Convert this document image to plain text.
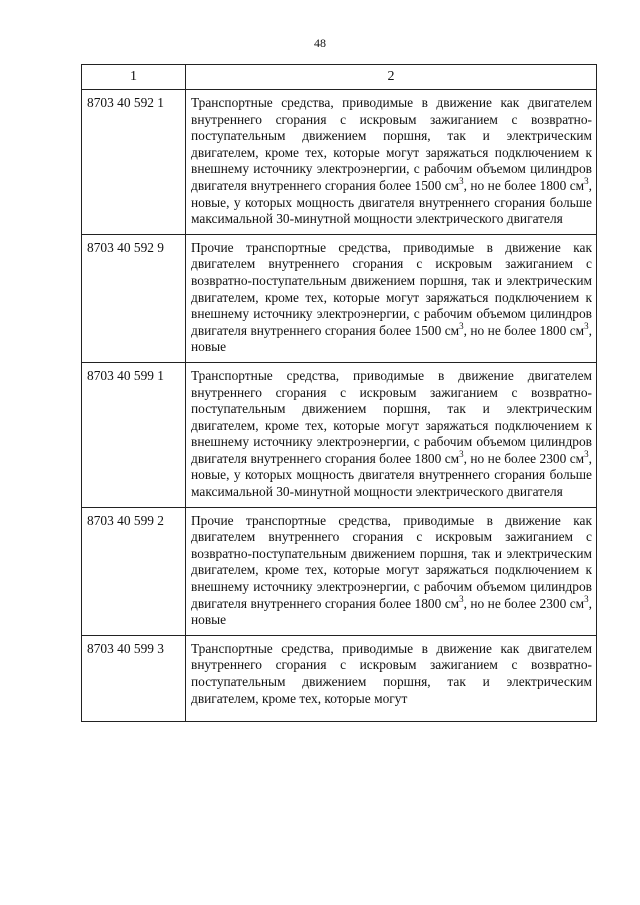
48
1	2
8703 40 592 1	Транспортные средства, приводимые в движение как двигателем внутреннего сгорания с искровым зажиганием с возвратно-поступательным движением поршня, так и электрическим двигателем, кроме тех, которые могут заряжаться подключением к внешнему источнику электроэнергии, с рабочим объемом цилиндров двигателя внутреннего сгорания более 1500 $см^3$, но не более 1800 $см^3$, новые, у которых мощность двигателя внутреннего сгорания больше максимальной 30-минутной мощности электрического двигателя
8703 40 592 9	Прочие транспортные средства, приводимые в движение как двигателем внутреннего сгорания с искровым зажиганием с возвратно-поступательным движением поршня, так и электрическим двигателем, кроме тех, которые могут заряжаться подключением к внешнему источнику электроэнергии, с рабочим объемом цилиндров двигателя внутреннего сгорания более 1500 $см^3$, но не более 1800 $см^3$, новые
8703 40 599 1	Транспортные средства, приводимые в движение двигателем внутреннего сгорания с искровым зажиганием с возвратно-поступательным движением поршня, так и электрическим двигателем, кроме тех, которые могут заряжаться подключением к внешнему источнику электроэнергии, с рабочим объемом цилиндров двигателя внутреннего сгорания более 1800 $см^3$, но не более 2300 $см^3$, новые, у которых мощность двигателя внутреннего сгорания больше максимальной 30-минутной мощности электрического двигателя
8703 40 599 2	Прочие транспортные средства, приводимые в движение как двигателем внутреннего сгорания с искровым зажиганием с возвратно-поступательным движением поршня, так и электрическим двигателем, кроме тех, которые могут заряжаться подключением к внешнему источнику электроэнергии, с рабочим объемом цилиндров двигателя внутреннего сгорания более 1800 $см^3$, но не более 2300 $см^3$, новые
8703 40 599 3	Транспортные средства, приводимые в движение как двигателем внутреннего сгорания с искровым зажиганием с возвратно-поступательным движением поршня, так и электрическим двигателем, кроме тех, которые могут
